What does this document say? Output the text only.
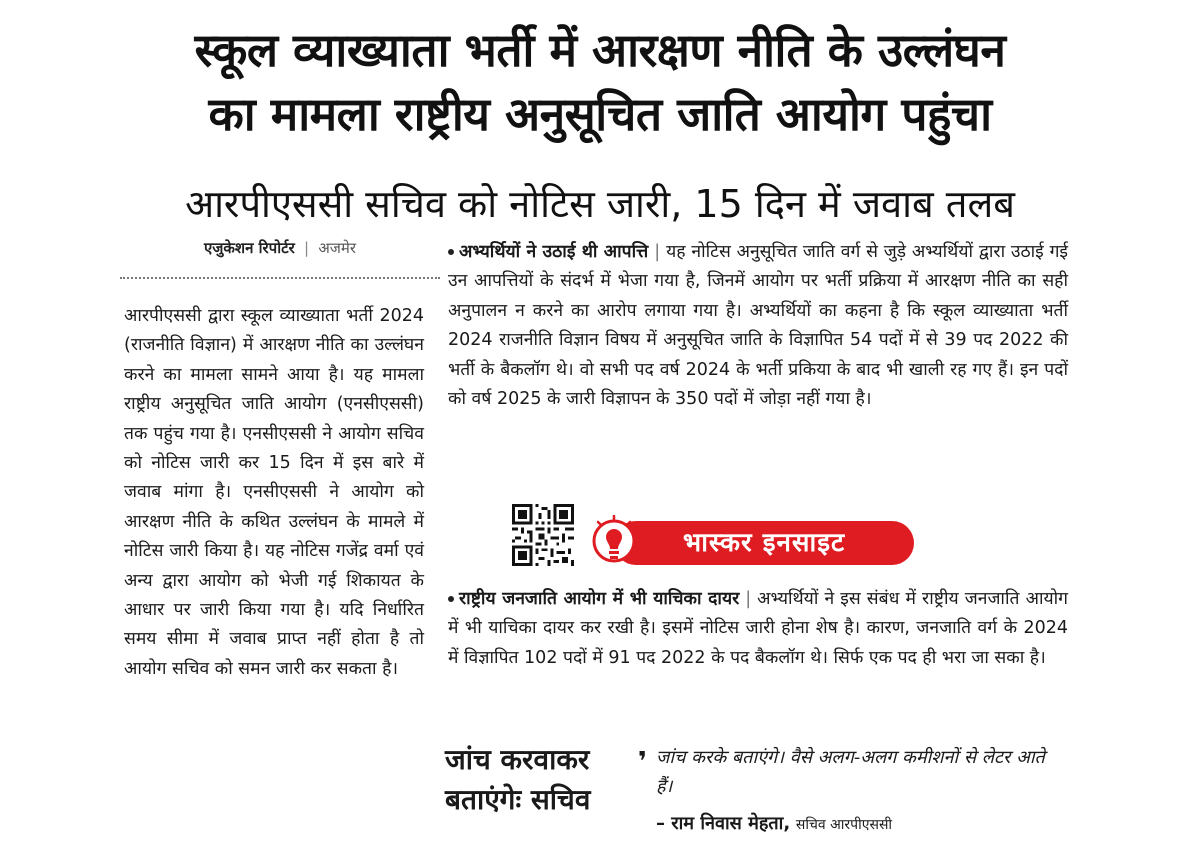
स्कूल व्याख्याता भर्ती में आरक्षण नीति के उल्लंघन
का मामला राष्ट्रीय अनुसूचित जाति आयोग पहुंचा
आरपीएससी सचिव को नोटिस जारी, 15 दिन में जवाब तलब
एजुकेशन रिपोर्टर | अजमेर
आरपीएससी द्वारा स्कूल व्याख्याता भर्ती 2024 (राजनीति विज्ञान) में आरक्षण नीति का उल्लंघन करने का मामला सामने आया है। यह मामला राष्ट्रीय अनुसूचित जाति आयोग (एनसीएससी) तक पहुंच गया है। एनसीएससी ने आयोग सचिव को नोटिस जारी कर 15 दिन में इस बारे में जवाब मांगा है। एनसीएससी ने आयोग को आरक्षण नीति के कथित उल्लंघन के मामले में नोटिस जारी किया है। यह नोटिस गजेंद्र वर्मा एवं अन्य द्वारा आयोग को भेजी गई शिकायत के आधार पर जारी किया गया है। यदि निर्धारित समय सीमा में जवाब प्राप्त नहीं होता है तो आयोग सचिव को समन जारी कर सकता है।
अभ्यर्थियों ने उठाई थी आपत्ति | यह नोटिस अनुसूचित जाति वर्ग से जुड़े अभ्यर्थियों द्वारा उठाई गई उन आपत्तियों के संदर्भ में भेजा गया है, जिनमें आयोग पर भर्ती प्रक्रिया में आरक्षण नीति का सही अनुपालन न करने का आरोप लगाया गया है। अभ्यर्थियों का कहना है कि स्कूल व्याख्याता भर्ती 2024 राजनीति विज्ञान विषय में अनुसूचित जाति के विज्ञापित 54 पदों में से 39 पद 2022 की भर्ती के बैकलॉग थे। वो सभी पद वर्ष 2024 के भर्ती प्रकिया के बाद भी खाली रह गए हैं। इन पदों को वर्ष 2025 के जारी विज्ञापन के 350 पदों में जोड़ा नहीं गया है।
भास्कर इनसाइट
राष्ट्रीय जनजाति आयोग में भी याचिका दायर | अभ्यर्थियों ने इस संबंध में राष्ट्रीय जनजाति आयोग में भी याचिका दायर कर रखी है। इसमें नोटिस जारी होना शेष है। कारण, जनजाति वर्ग के 2024 में विज्ञापित 102 पदों में 91 पद 2022 के पद बैकलॉग थे। सिर्फ एक पद ही भरा जा सका है।
जांच करवाकर
बताएंगेः सचिव
❜ जांच करके बताएंगे। वैसे अलग-अलग कमीशनों से लेटर आते हैं।
– राम निवास मेहता, सचिव आरपीएससी
